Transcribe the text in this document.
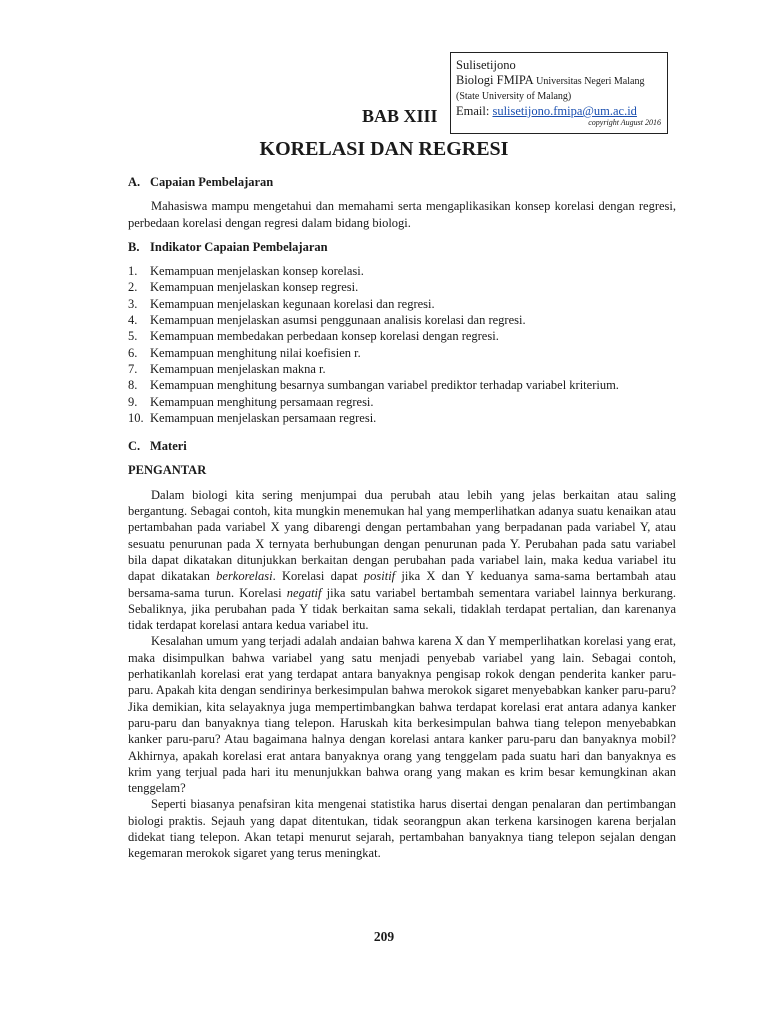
Sulisetijono
Biologi FMIPA Universitas Negeri Malang
(State University of Malang)
Email: sulisetijono.fmipa@um.ac.id
copyright August 2016
BAB XIII
KORELASI DAN REGRESI

A. Capaian Pembelajaran

Mahasiswa mampu mengetahui dan memahami serta mengaplikasikan konsep korelasi dengan regresi, perbedaan korelasi dengan regresi dalam bidang biologi.

B. Indikator Capaian Pembelajaran

1. Kemampuan menjelaskan konsep korelasi.
2. Kemampuan menjelaskan konsep regresi.
3. Kemampuan menjelaskan kegunaan korelasi dan regresi.
4. Kemampuan menjelaskan asumsi penggunaan analisis korelasi dan regresi.
5. Kemampuan membedakan perbedaan konsep korelasi dengan regresi.
6. Kemampuan menghitung nilai koefisien r.
7. Kemampuan menjelaskan makna r.
8. Kemampuan menghitung besarnya sumbangan variabel prediktor terhadap variabel kriterium.
9. Kemampuan menghitung persamaan regresi.
10. Kemampuan menjelaskan persamaan regresi.

C. Materi

PENGANTAR

Dalam biologi kita sering menjumpai dua perubah atau lebih yang jelas berkaitan atau saling bergantung. Sebagai contoh, kita mungkin menemukan hal yang memperlihatkan adanya suatu kenaikan atau pertambahan pada variabel X yang dibarengi dengan pertambahan yang berpadanan pada variabel Y, atau sesuatu penurunan pada X ternyata berhubungan dengan penurunan pada Y. Perubahan pada satu variabel bila dapat dikatakan ditunjukkan berkaitan dengan perubahan pada variabel lain, maka kedua variabel itu dapat dikatakan berkorelasi. Korelasi dapat positif jika X dan Y keduanya sama-sama bertambah atau bersama-sama turun. Korelasi negatif jika satu variabel bertambah sementara variabel lainnya berkurang. Sebaliknya, jika perubahan pada Y tidak berkaitan sama sekali, tidaklah terdapat pertalian, dan karenanya tidak terdapat korelasi antara kedua variabel itu.

Kesalahan umum yang terjadi adalah andaian bahwa karena X dan Y memperlihatkan korelasi yang erat, maka disimpulkan bahwa variabel yang satu menjadi penyebab variabel yang lain. Sebagai contoh, perhatikanlah korelasi erat yang terdapat antara banyaknya pengisap rokok dengan penderita kanker paru-paru. Apakah kita dengan sendirinya berkesimpulan bahwa merokok sigaret menyebabkan kanker paru-paru? Jika demikian, kita selayaknya juga mempertimbangkan bahwa terdapat korelasi erat antara adanya kanker paru-paru dan banyaknya tiang telepon. Haruskah kita berkesimpulan bahwa tiang telepon menyebabkan kanker paru-paru? Atau bagaimana halnya dengan korelasi antara kanker paru-paru dan banyaknya mobil? Akhirnya, apakah korelasi erat antara banyaknya orang yang tenggelam pada suatu hari dan banyaknya es krim yang terjual pada hari itu menunjukkan bahwa orang yang makan es krim besar kemungkinan akan tenggelam?

Seperti biasanya penafsiran kita mengenai statistika harus disertai dengan penalaran dan pertimbangan biologi praktis. Sejauh yang dapat ditentukan, tidak seorangpun akan terkena karsinogen karena berjalan didekat tiang telepon. Akan tetapi menurut sejarah, pertambahan banyaknya tiang telepon sejalan dengan kegemaran merokok sigaret yang terus meningkat.

209
